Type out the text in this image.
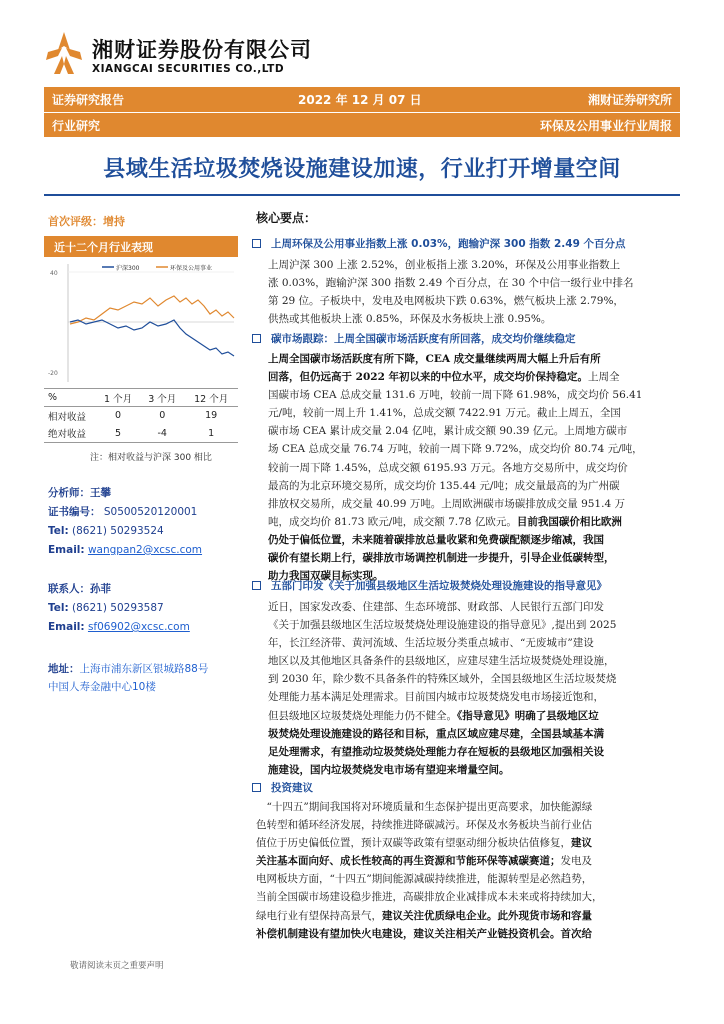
湘财证券股份有限公司
XIANGCAI SECURITIES CO.,LTD
证券研究报告	2022 年 12 月 07 日	湘财证券研究所
行业研究	环保及公用事业行业周报
县域生活垃圾焚烧设施建设加速，行业打开增量空间
首次评级：增持
近十二个月行业表现
40
-20
沪深300	环保及公用事业
%	1 个月	3 个月	12 个月
相对收益	0	0	19
绝对收益	5	-4	1
注：相对收益与沪深 300 相比
分析师：王攀
证书编号： S0500520120001
Tel: (8621) 50293524
Email: wangpan2@xcsc.com
联系人：孙菲
Tel: (8621) 50293587
Email: sf06902@xcsc.com
地址：上海市浦东新区银城路88号
中国人寿金融中心10楼
核心要点：
上周环保及公用事业指数上涨 0.03%，跑输沪深 300 指数 2.49 个百分点
上周沪深 300 上涨 2.52%，创业板指上涨 3.20%，环保及公用事业指数上
涨 0.03%，跑输沪深 300 指数 2.49 个百分点，在 30 个中信一级行业中排名
第 29 位。子板块中，发电及电网板块下跌 0.63%，燃气板块上涨 2.79%，
供热或其他板块上涨 0.85%，环保及水务板块上涨 0.95%。
碳市场跟踪：上周全国碳市场活跃度有所回落，成交均价继续稳定
上周全国碳市场活跃度有所下降，CEA 成交量继续两周大幅上升后有所
回落，但仍远高于 2022 年初以来的中位水平，成交均价保持稳定。上周全
国碳市场 CEA 总成交量 131.6 万吨，较前一周下降 61.98%，成交均价 56.41
元/吨，较前一周上升 1.41%，总成交额 7422.91 万元。截止上周五，全国
碳市场 CEA 累计成交量 2.04 亿吨，累计成交额 90.39 亿元。上周地方碳市
场 CEA 总成交量 76.74 万吨，较前一周下降 9.72%，成交均价 80.74 元/吨，
较前一周下降 1.45%，总成交额 6195.93 万元。各地方交易所中，成交均价
最高的为北京环境交易所，成交均价 135.44 元/吨；成交量最高的为广州碳
排放权交易所，成交量 40.99 万吨。上周欧洲碳市场碳排放成交量 951.4 万
吨，成交均价 81.73 欧元/吨，成交额 7.78 亿欧元。目前我国碳价相比欧洲
仍处于偏低位置，未来随着碳排放总量收紧和免费碳配额逐步缩减，我国
碳价有望长期上行，碳排放市场调控机制进一步提升，引导企业低碳转型，
助力我国双碳目标实现。
五部门印发《关于加强县级地区生活垃圾焚烧处理设施建设的指导意见》
近日，国家发改委、住建部、生态环境部、财政部、人民银行五部门印发
《关于加强县级地区生活垃圾焚烧处理设施建设的指导意见》,提出到 2025
年，长江经济带、黄河流域、生活垃圾分类重点城市、“无废城市”建设
地区以及其他地区具备条件的县级地区，应建尽建生活垃圾焚烧处理设施，
到 2030 年，除少数不具备条件的特殊区域外，全国县级地区生活垃圾焚烧
处理能力基本满足处理需求。目前国内城市垃圾焚烧发电市场接近饱和，
但县级地区垃圾焚烧处理能力仍不健全。《指导意见》明确了县级地区垃
圾焚烧处理设施建设的路径和目标，重点区域应建尽建，全国县域基本满
足处理需求，有望推动垃圾焚烧处理能力存在短板的县级地区加强相关设
施建设，国内垃圾焚烧发电市场有望迎来增量空间。
投资建议
“十四五”期间我国将对环境质量和生态保护提出更高要求，加快能源绿
色转型和循环经济发展，持续推进降碳减污。环保及水务板块当前行业估
值位于历史偏低位置，预计双碳等政策有望驱动细分板块估值修复，建议
关注基本面向好、成长性较高的再生资源和节能环保等减碳赛道；发电及
电网板块方面，“十四五”期间能源减碳持续推进，能源转型是必然趋势，
当前全国碳市场建设稳步推进，高碳排放企业减排成本未来或将持续加大，
绿电行业有望保持高景气，建议关注优质绿电企业。此外现货市场和容量
补偿机制建设有望加快火电建设，建议关注相关产业链投资机会。首次给
敬请阅读末页之重要声明
